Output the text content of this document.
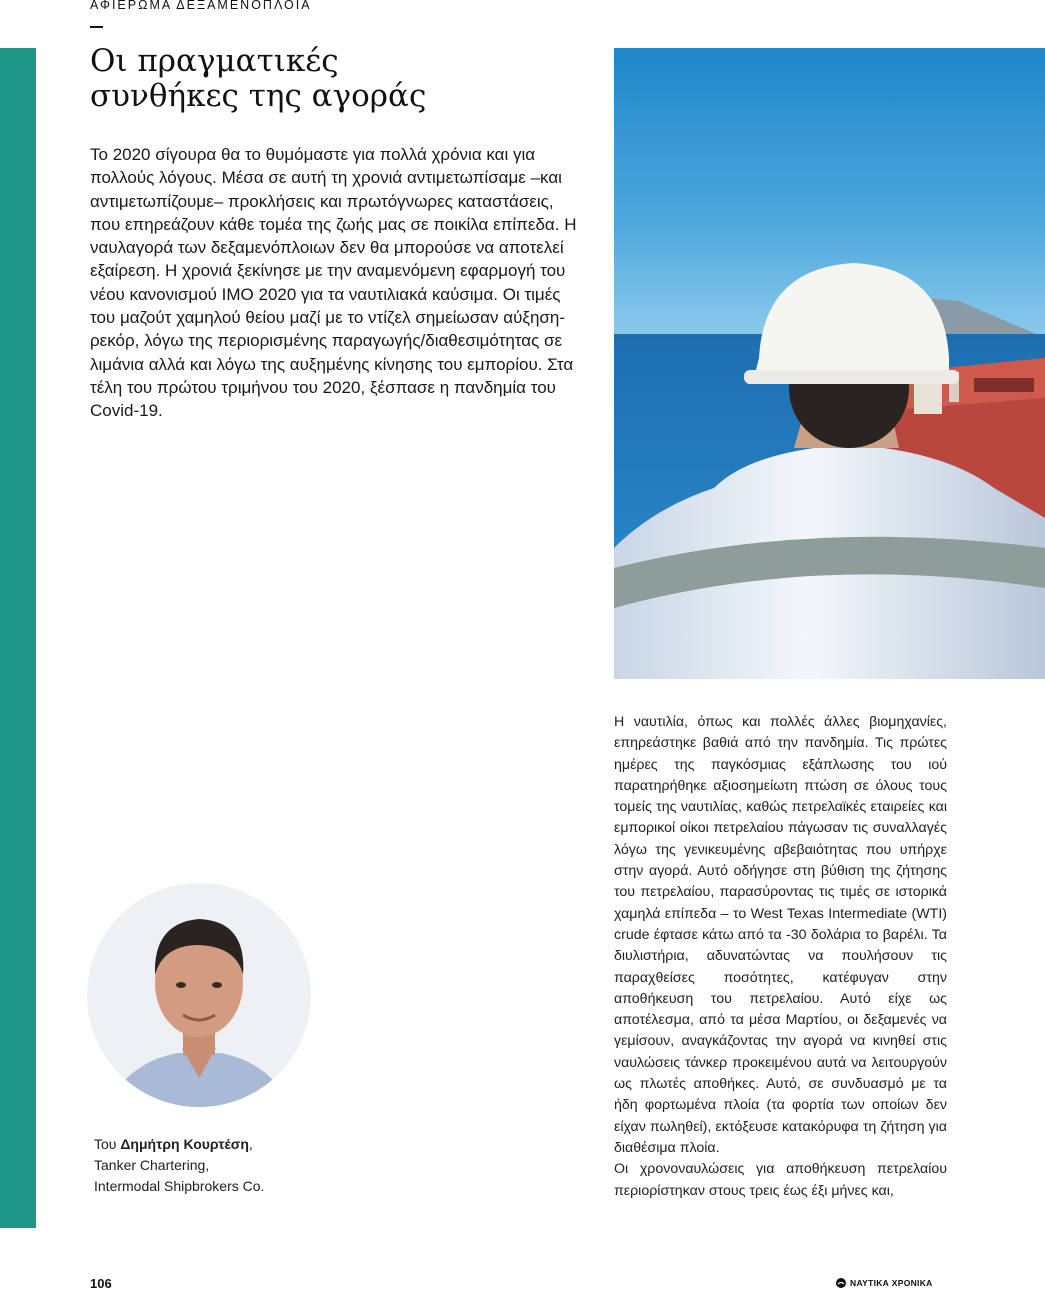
ΑΦΙΕΡΩΜΑ ΔΕΞΑΜΕΝΟΠΛΟΙΑ
Οι πραγματικές
συνθήκες της αγοράς

Το 2020 σίγουρα θα το θυμόμαστε για πολλά χρόνια και για πολλούς λόγους. Μέσα σε αυτή τη χρονιά αντιμετωπίσαμε –και αντιμετωπίζουμε– προκλήσεις και πρωτόγνωρες καταστάσεις, που επηρεάζουν κάθε τομέα της ζωής μας σε ποικίλα επίπεδα. Η ναυλαγορά των δεξαμενόπλοιων δεν θα μπορούσε να αποτελεί εξαίρεση. Η χρονιά ξεκίνησε με την αναμενόμενη εφαρμογή του νέου κανονισμού ΙΜΟ 2020 για τα ναυτιλιακά καύσιμα. Οι τιμές του μαζούτ χαμηλού θείου μαζί με το ντίζελ σημείωσαν αύξηση-ρεκόρ, λόγω της περιορισμένης παραγωγής/διαθεσιμότητας σε λιμάνια αλλά και λόγω της αυξημένης κίνησης του εμπορίου. Στα τέλη του πρώτου τριμήνου του 2020, ξέσπασε η πανδημία του Covid-19.

Του Δημήτρη Κουρτέση,
Tanker Chartering,
Intermodal Shipbrokers Co.

Η ναυτιλία, όπως και πολλές άλλες βιομηχανίες, επηρεάστηκε βαθιά από την πανδημία. Τις πρώτες ημέρες της παγκόσμιας εξάπλωσης του ιού παρατηρήθηκε αξιοσημείωτη πτώση σε όλους τους τομείς της ναυτιλίας, καθώς πετρελαϊκές εταιρείες και εμπορικοί οίκοι πετρελαίου πάγωσαν τις συναλλαγές λόγω της γενικευμένης αβεβαιότητας που υπήρχε στην αγορά. Αυτό οδήγησε στη βύθιση της ζήτησης του πετρελαίου, παρασύροντας τις τιμές σε ιστορικά χαμηλά επίπεδα – το West Texas Intermediate (WTI) crude έφτασε κάτω από τα -30 δολάρια το βαρέλι. Τα διυλιστήρια, αδυνατώντας να πουλήσουν τις παραχθείσες ποσότητες, κατέφυγαν στην αποθήκευση του πετρελαίου. Αυτό είχε ως αποτέλεσμα, από τα μέσα Μαρτίου, οι δεξαμενές να γεμίσουν, αναγκάζοντας την αγορά να κινηθεί στις ναυλώσεις τάνκερ προκειμένου αυτά να λειτουργούν ως πλωτές αποθήκες. Αυτό, σε συνδυασμό με τα ήδη φορτωμένα πλοία (τα φορτία των οποίων δεν είχαν πωληθεί), εκτόξευσε κατακόρυφα τη ζήτηση για διαθέσιμα πλοία.

Οι χρονοναυλώσεις για αποθήκευση πετρελαίου περιορίστηκαν στους τρεις έως έξι μήνες και,

106	ΝΑΥΤΙΚΑ ΧΡΟΝΙΚΑ
